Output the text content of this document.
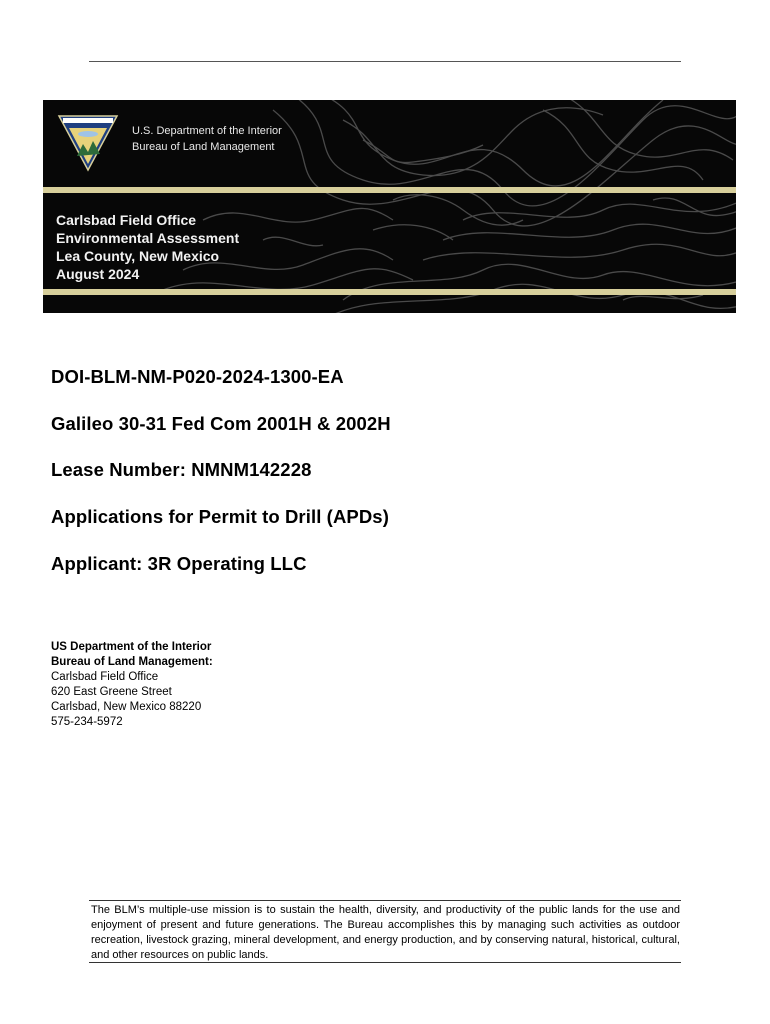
U.S. Department of the Interior
Bureau of Land Management
Carlsbad Field Office
Environmental Assessment
Lea County, New Mexico
August 2024
DOI-BLM-NM-P020-2024-1300-EA
Galileo 30-31 Fed Com 2001H & 2002H
Lease Number: NMNM142228
Applications for Permit to Drill (APDs)
Applicant: 3R Operating LLC
US Department of the Interior
Bureau of Land Management:
Carlsbad Field Office
620 East Greene Street
Carlsbad, New Mexico 88220
575-234-5972
The BLM’s multiple-use mission is to sustain the health, diversity, and productivity of the public lands for the use and enjoyment of present and future generations. The Bureau accomplishes this by managing such activities as outdoor recreation, livestock grazing, mineral development, and energy production, and by conserving natural, historical, cultural, and other resources on public lands.
